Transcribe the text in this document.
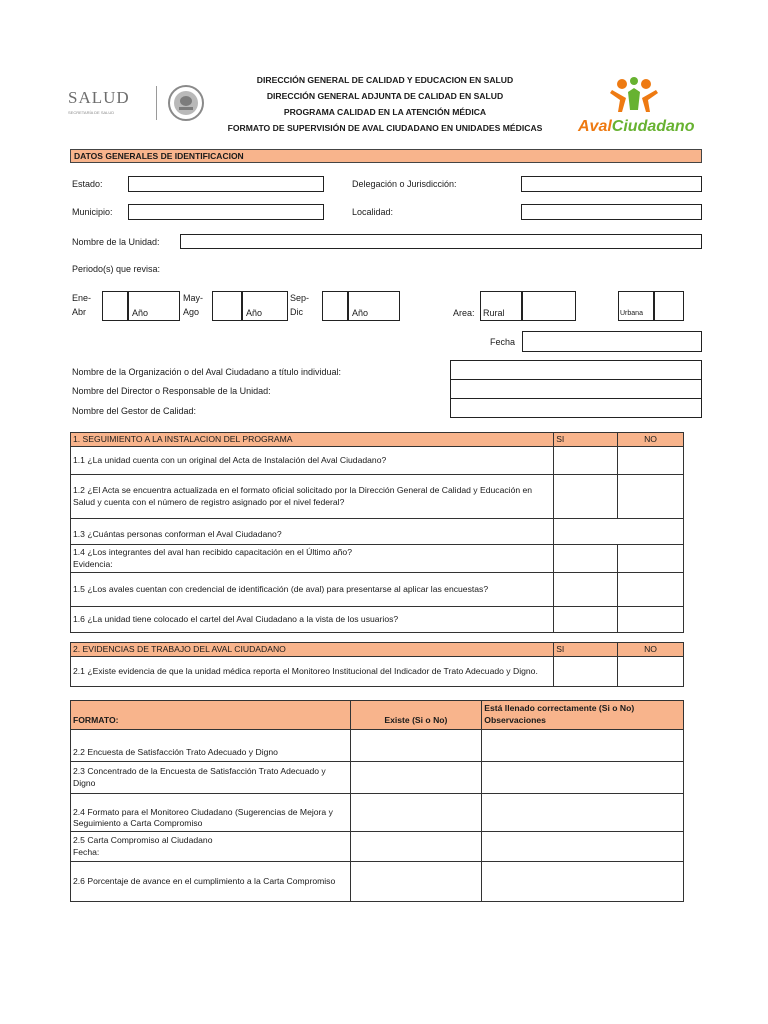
SALUD
SECRETARÍA DE SALUD
DIRECCIÓN GENERAL DE CALIDAD Y EDUCACION EN SALUD
DIRECCIÓN GENERAL ADJUNTA DE CALIDAD EN SALUD
PROGRAMA CALIDAD EN LA ATENCIÓN MÉDICA
FORMATO DE SUPERVISIÓN DE AVAL CIUDADANO EN UNIDADES MÉDICAS	AvalCiudadano
DATOS GENERALES DE IDENTIFICACION
Estado:	Delegación o Jurisdicción:
Municipio:	Localidad:
Nombre de la Unidad:
Periodo(s) que revisa:
Ene-
Abr	Año
May-
Ago	Año
Sep-
Dic	Año	Area: Rural	Urbana
Fecha
Nombre de la Organización o del Aval Ciudadano a título individual:
Nombre del Director o Responsable de la Unidad:
Nombre del Gestor de Calidad:
1. SEGUIMIENTO A LA INSTALACION DEL PROGRAMA	SI	NO
1.1 ¿La unidad cuenta con un original del Acta de Instalación del Aval Ciudadano?		
1.2 ¿El Acta se encuentra actualizada en el formato oficial solicitado por la Dirección General de Calidad y Educación en Salud y cuenta con el número de registro asignado por el nivel federal?		
1.3 ¿Cuántas personas conforman el Aval Ciudadano?		

1.4 ¿Los integrantes del aval han recibido capacitación en el Último año?
Evidencia:		

1.5 ¿Los avales cuentan con credencial de identificación (de aval) para presentarse al aplicar las encuestas?		
1.6 ¿La unidad tiene colocado el cartel del Aval Ciudadano a la vista de los usuarios?		
2. EVIDENCIAS DE TRABAJO DEL AVAL CIUDADANO	SI	NO
2.1 ¿Existe evidencia de que la unidad médica reporta el Monitoreo Institucional del Indicador de Trato Adecuado y Digno.		
FORMATO:	Existe (Si o No)	Está llenado correctamente (Si o No)
Observaciones

2.2 Encuesta de Satisfacción Trato Adecuado y Digno		
2.3 Concentrado de la Encuesta de Satisfacción Trato Adecuado y Digno		
2.4 Formato para el Monitoreo Ciudadano (Sugerencias de Mejora y Seguimiento a Carta Compromiso		

2.5 Carta Compromiso al Ciudadano
Fecha:		

2.6 Porcentaje de avance en el cumplimiento a la Carta Compromiso		
